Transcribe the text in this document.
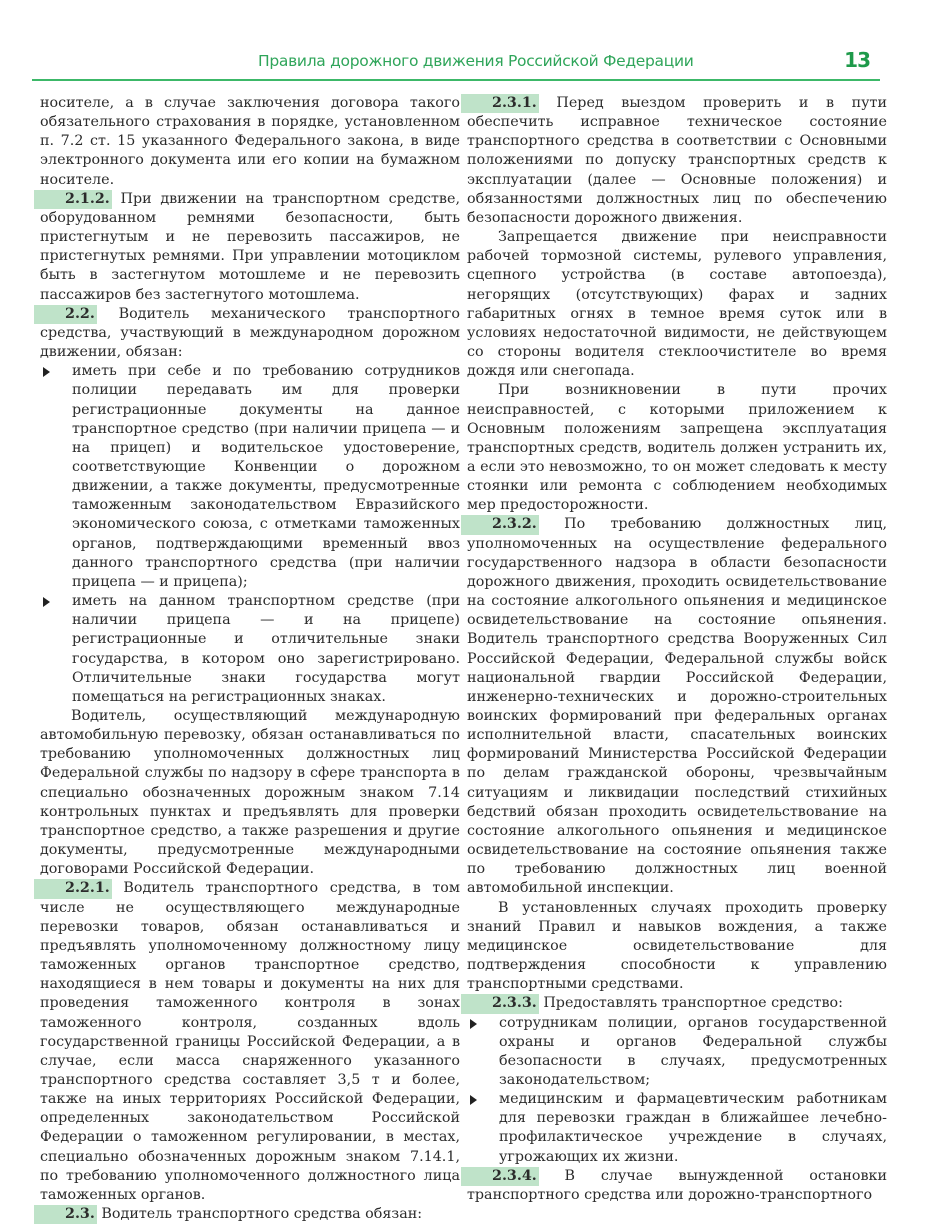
Правила дорожного движения Российской Федерации	13

носителе, а в случае заключения договора такого обязательного страхования в порядке, установленном п. 7.2 ст. 15 указанного Федерального закона, в виде электронного документа или его копии на бумажном носителе.

2.1.2. При движении на транспортном средстве, оборудованном ремнями безопасности, быть пристегнутым и не перевозить пассажиров, не пристегнутых ремнями. При управлении мотоциклом быть в застегнутом мотошлеме и не перевозить пассажиров без застегнутого мотошлема.

2.2. Водитель механического транспортного средства, участвующий в международном дорожном движении, обязан:

иметь при себе и по требованию сотрудников полиции передавать им для проверки регистрационные документы на данное транспортное средство (при наличии прицепа — и на прицеп) и водительское удостоверение, соответствующие Конвенции о дорожном движении, а также документы, предусмотренные таможенным законодательством Евразийского экономического союза, с отметками таможенных органов, подтверждающими временный ввоз данного транспортного средства (при наличии прицепа — и прицепа);

иметь на данном транспортном средстве (при наличии прицепа — и на прицепе) регистрационные и отличительные знаки государства, в котором оно зарегистрировано. Отличительные знаки государства могут помещаться на регистрационных знаках.

Водитель, осуществляющий международную автомобильную перевозку, обязан останавливаться по требованию уполномоченных должностных лиц Федеральной службы по надзору в сфере транспорта в специально обозначенных дорожным знаком 7.14 контрольных пунктах и предъявлять для проверки транспортное средство, а также разрешения и другие документы, предусмотренные международными договорами Российской Федерации.

2.2.1. Водитель транспортного средства, в том числе не осуществляющего международные перевозки товаров, обязан останавливаться и предъявлять уполномоченному должностному лицу таможенных органов транспортное средство, находящиеся в нем товары и документы на них для проведения таможенного контроля в зонах таможенного контроля, созданных вдоль государственной границы Российской Федерации, а в случае, если масса снаряженного указанного транспортного средства составляет 3,5 т и более, также на иных территориях Российской Федерации, определенных законодательством Российской Федерации о таможенном регулировании, в местах, специально обозначенных дорожным знаком 7.14.1, по требованию уполномоченного должностного лица таможенных органов.

2.3. Водитель транспортного средства обязан:

2.3.1. Перед выездом проверить и в пути обеспечить исправное техническое состояние транспортного средства в соответствии с Основными положениями по допуску транспортных средств к эксплуатации (далее — Основные положения) и обязанностями должностных лиц по обеспечению безопасности дорожного движения.

Запрещается движение при неисправности рабочей тормозной системы, рулевого управления, сцепного устройства (в составе автопоезда), негорящих (отсутствующих) фарах и задних габаритных огнях в темное время суток или в условиях недостаточной видимости, не действующем со стороны водителя стеклоочистителе во время дождя или снегопада.

При возникновении в пути прочих неисправностей, с которыми приложением к Основным положениям запрещена эксплуатация транспортных средств, водитель должен устранить их, а если это невозможно, то он может следовать к месту стоянки или ремонта с соблюдением необходимых мер предосторожности.

2.3.2. По требованию должностных лиц, уполномоченных на осуществление федерального государственного надзора в области безопасности дорожного движения, проходить освидетельствование на состояние алкогольного опьянения и медицинское освидетельствование на состояние опьянения. Водитель транспортного средства Вооруженных Сил Российской Федерации, Федеральной службы войск национальной гвардии Российской Федерации, инженерно-технических и дорожно-строительных воинских формирований при федеральных органах исполнительной власти, спасательных воинских формирований Министерства Российской Федерации по делам гражданской обороны, чрезвычайным ситуациям и ликвидации последствий стихийных бедствий обязан проходить освидетельствование на состояние алкогольного опьянения и медицинское освидетельствование на состояние опьянения также по требованию должностных лиц военной автомобильной инспекции.

В установленных случаях проходить проверку знаний Правил и навыков вождения, а также медицинское освидетельствование для подтверждения способности к управлению транспортными средствами.

2.3.3. Предоставлять транспортное средство:

сотрудникам полиции, органов государственной охраны и органов Федеральной службы безопасности в случаях, предусмотренных законодательством;

медицинским и фармацевтическим работникам для перевозки граждан в ближайшее лечебно-профилактическое учреждение в случаях, угрожающих их жизни.

2.3.4. В случае вынужденной остановки транспортного средства или дорожно-транспортного
